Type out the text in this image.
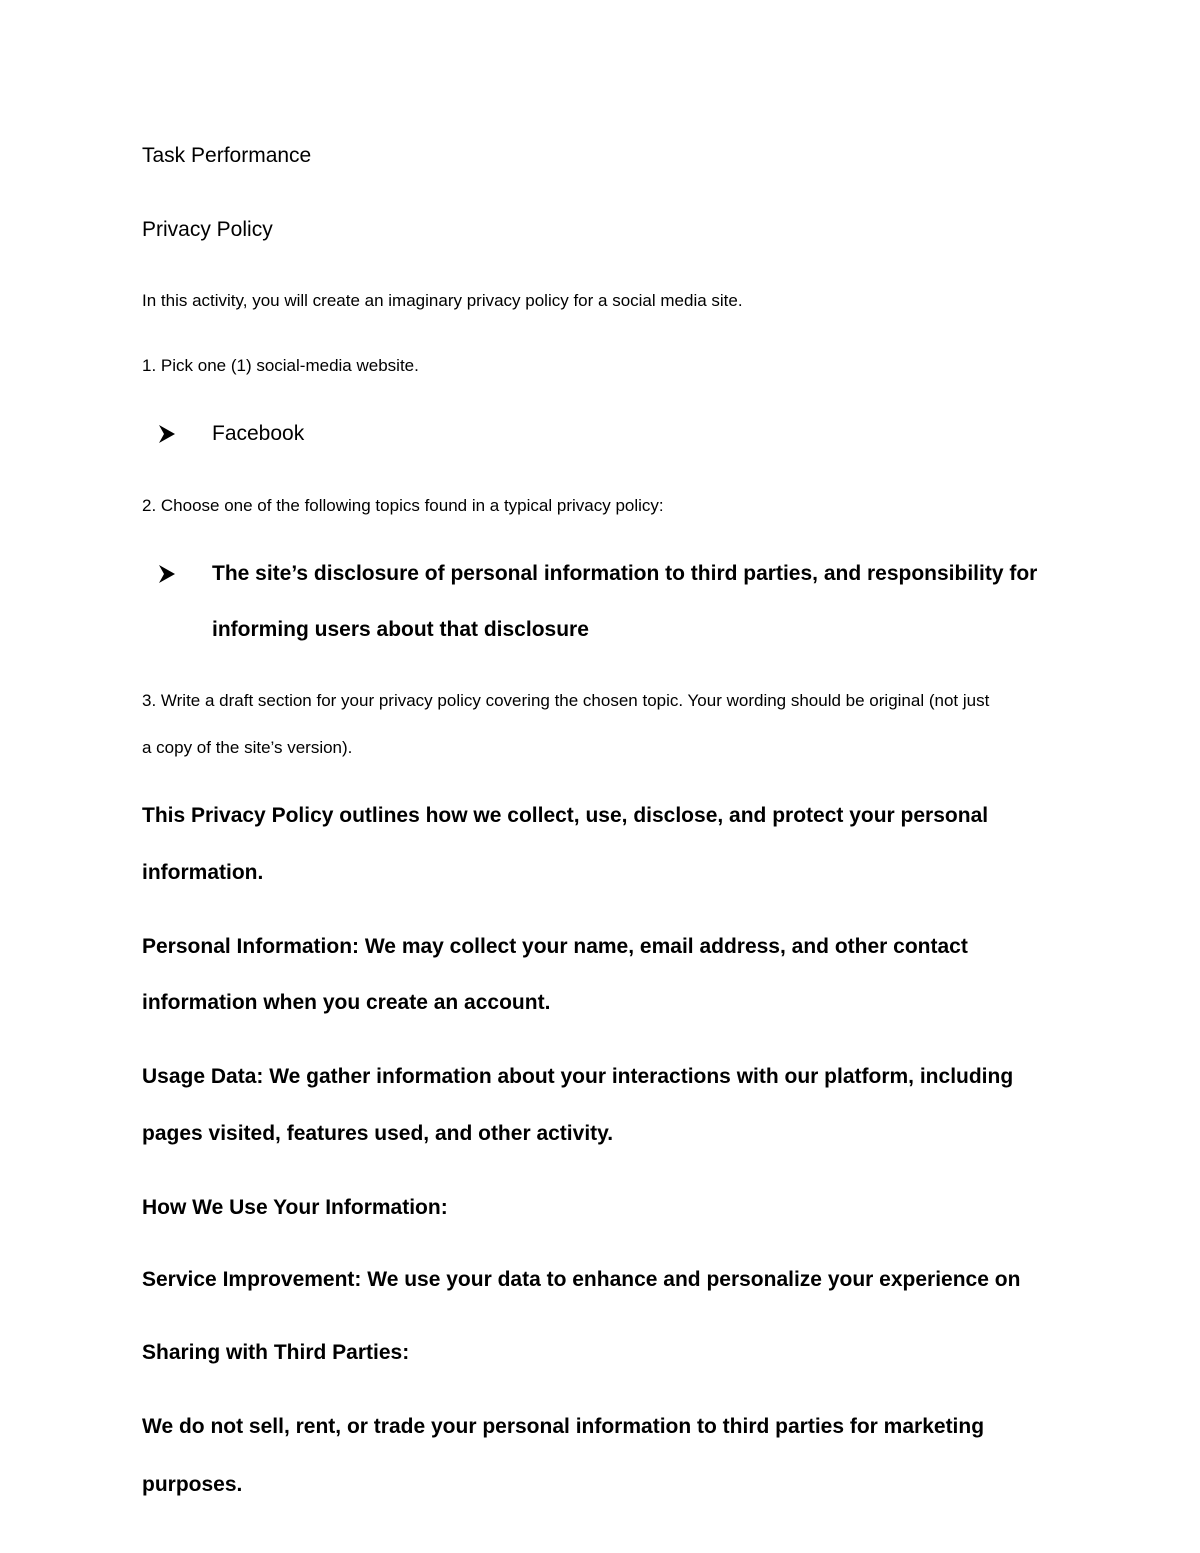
Task Performance
Privacy Policy
In this activity, you will create an imaginary privacy policy for a social media site.
1. Pick one (1) social-media website.
Facebook
2. Choose one of the following topics found in a typical privacy policy:
The site’s disclosure of personal information to third parties, and responsibility for
informing users about that disclosure
3. Write a draft section for your privacy policy covering the chosen topic. Your wording should be original (not just
a copy of the site’s version).
This Privacy Policy outlines how we collect, use, disclose, and protect your personal
information.
Personal Information: We may collect your name, email address, and other contact
information when you create an account.
Usage Data: We gather information about your interactions with our platform, including
pages visited, features used, and other activity.
How We Use Your Information:
Service Improvement: We use your data to enhance and personalize your experience on
Sharing with Third Parties:
We do not sell, rent, or trade your personal information to third parties for marketing
purposes.
